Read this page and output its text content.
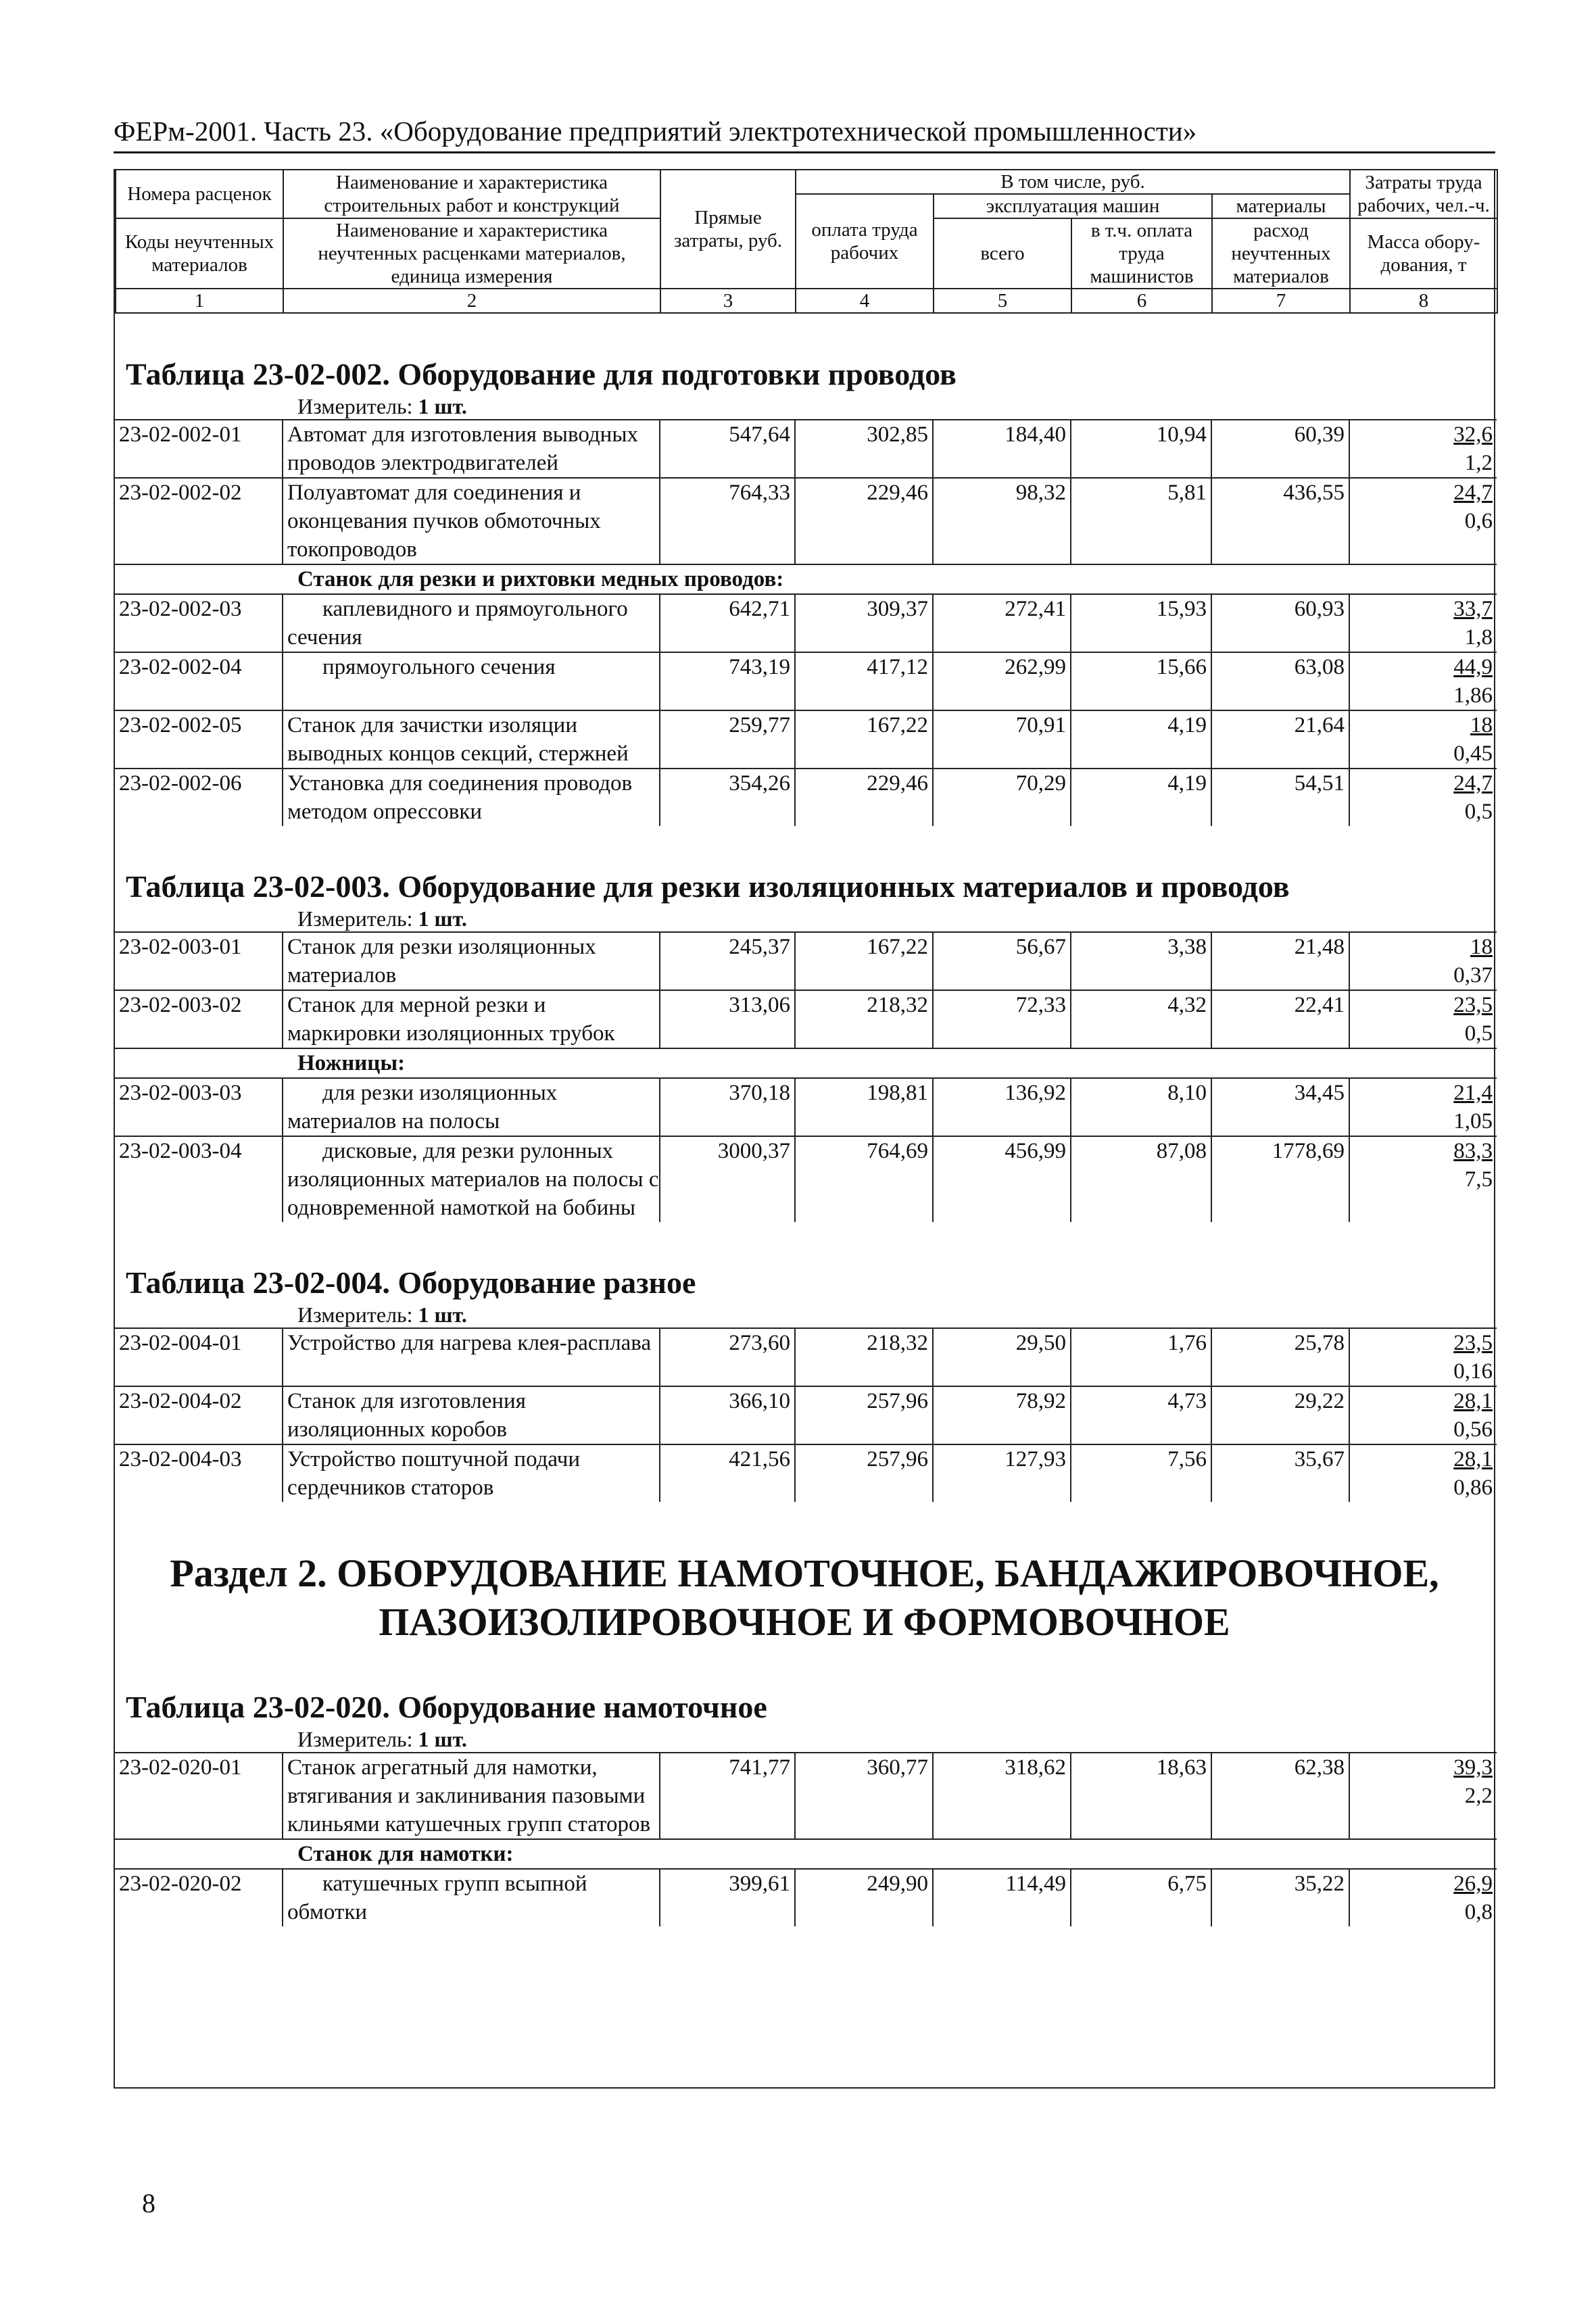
ФЕРм-2001. Часть 23. «Оборудование предприятий электротехнической промышленности»
Номера расценок	Наименование и характеристика строительных работ и конструкций	Прямые затраты, руб.	В том числе, руб.				Затраты труда рабочих, чел.-ч.
			оплата труда рабочих	эксплуатация машин		материалы	
Коды неучтенных материалов	Наименование и характеристика неучтенных расценками материалов, единица измерения			всего	в т.ч. оплата труда машинистов	расход неучтенных материалов	
							Масса обору-дования, т
1	2	3	4	5	6	7	8
Таблица 23-02-002. Оборудование для подготовки проводов
Измеритель: 1 шт.
23-02-002-01	Автомат для изготовления выводных проводов электродвигателей	547,64	302,85	184,40	10,94	60,39	32,6
1,2

23-02-002-02	Полуавтомат для соединения и оконцевания пучков обмоточных токопроводов	764,33	229,46	98,32	5,81	436,55	24,7
0,6

Станок для резки и рихтовки медных проводов:							
23-02-002-03	каплевидного и прямоугольного сечения	642,71	309,37	272,41	15,93	60,93	33,7
1,8

23-02-002-04	прямоугольного сечения	743,19	417,12	262,99	15,66	63,08	44,9
1,86

23-02-002-05	Станок для зачистки изоляции выводных концов секций, стержней	259,77	167,22	70,91	4,19	21,64	18
0,45

23-02-002-06	Установка для соединения проводов методом опрессовки	354,26	229,46	70,29	4,19	54,51	24,7
0,5
Таблица 23-02-003. Оборудование для резки изоляционных материалов и проводов
Измеритель: 1 шт.
23-02-003-01	Станок для резки изоляционных материалов	245,37	167,22	56,67	3,38	21,48	18
0,37

23-02-003-02	Станок для мерной резки и маркировки изоляционных трубок	313,06	218,32	72,33	4,32	22,41	23,5
0,5

Ножницы:							
23-02-003-03	для резки изоляционных материалов на полосы	370,18	198,81	136,92	8,10	34,45	21,4
1,05

23-02-003-04	дисковые, для резки рулонных изоляционных материалов на полосы с одновременной намоткой на бобины	3000,37	764,69	456,99	87,08	1778,69	83,3
7,5
Таблица 23-02-004. Оборудование разное
Измеритель: 1 шт.
23-02-004-01	Устройство для нагрева клея-расплава	273,60	218,32	29,50	1,76	25,78	23,5
0,16

23-02-004-02	Станок для изготовления изоляционных коробов	366,10	257,96	78,92	4,73	29,22	28,1
0,56

23-02-004-03	Устройство поштучной подачи сердечников статоров	421,56	257,96	127,93	7,56	35,67	28,1
0,86
Раздел 2. ОБОРУДОВАНИЕ НАМОТОЧНОЕ, БАНДАЖИРОВОЧНОЕ,
ПАЗОИЗОЛИРОВОЧНОЕ И ФОРМОВОЧНОЕ
Таблица 23-02-020. Оборудование намоточное
Измеритель: 1 шт.
23-02-020-01	Станок агрегатный для намотки, втягивания и заклинивания пазовыми клиньями катушечных групп статоров	741,77	360,77	318,62	18,63	62,38	39,3
2,2

Станок для намотки:							
23-02-020-02	катушечных групп всыпной обмотки	399,61	249,90	114,49	6,75	35,22	26,9
0,8
8
